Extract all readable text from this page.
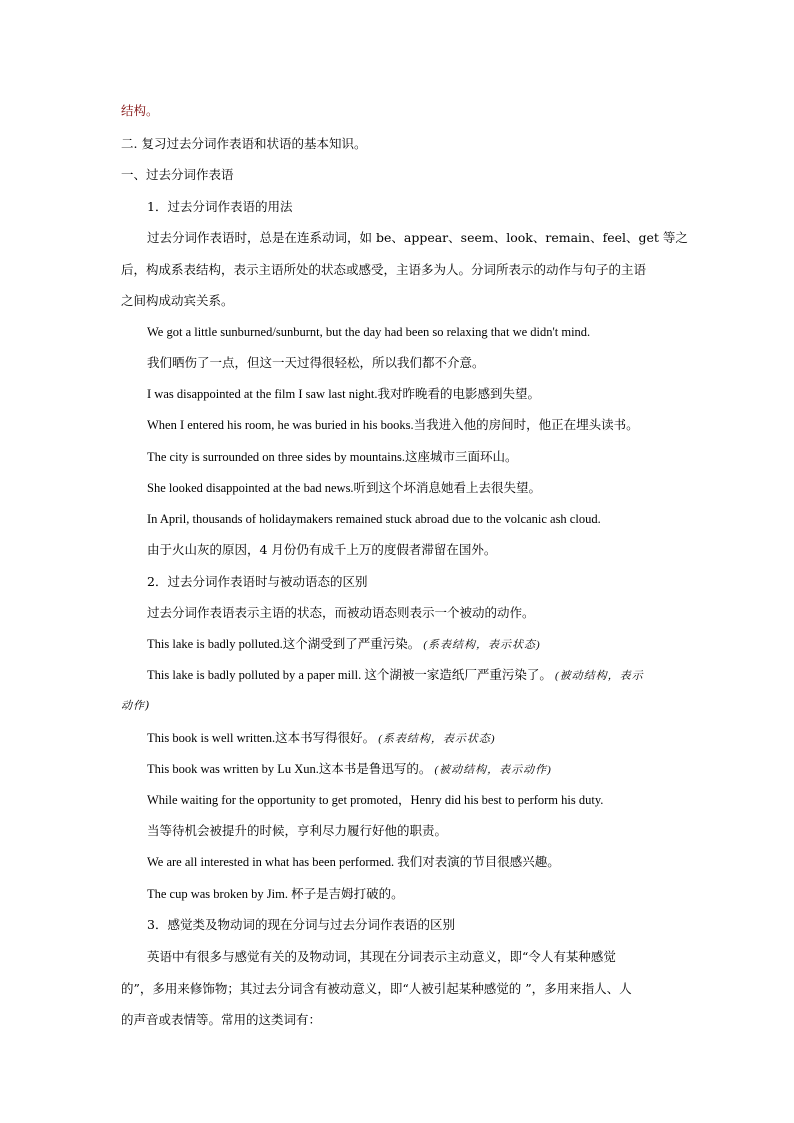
结构。
二. 复习过去分词作表语和状语的基本知识。
一、过去分词作表语
1．过去分词作表语的用法
过去分词作表语时，总是在连系动词，如 be、appear、seem、look、remain、feel、get 等之
后，构成系表结构，表示主语所处的状态或感受，主语多为人。分词所表示的动作与句子的主语
之间构成动宾关系。
We got a little sunburned/sunburnt, but the day had been so relaxing that we didn't mind.
我们晒伤了一点，但这一天过得很轻松，所以我们都不介意。
I was disappointed at the film I saw last night.我对昨晚看的电影感到失望。
When I entered his room, he was buried in his books.当我进入他的房间时，他正在埋头读书。
The city is surrounded on three sides by mountains.这座城市三面环山。
She looked disappointed at the bad news.听到这个坏消息她看上去很失望。
In April, thousands of holidaymakers remained stuck abroad due to the volcanic ash cloud.
由于火山灰的原因，4 月份仍有成千上万的度假者滞留在国外。
2．过去分词作表语时与被动语态的区别
过去分词作表语表示主语的状态，而被动语态则表示一个被动的动作。
This lake is badly polluted.这个湖受到了严重污染。 (系表结构，表示状态)
This lake is badly polluted by a paper mill. 这个湖被一家造纸厂严重污染了。 (被动结构，表示
动作)
This book is well written.这本书写得很好。 (系表结构，表示状态)
This book was written by Lu Xun.这本书是鲁迅写的。 (被动结构，表示动作)
While waiting for the opportunity to get promoted，Henry did his best to perform his duty.
当等待机会被提升的时候，亨利尽力履行好他的职责。
We are all interested in what has been performed. 我们对表演的节目很感兴趣。
The cup was broken by Jim. 杯子是吉姆打破的。
3．感觉类及物动词的现在分词与过去分词作表语的区别
英语中有很多与感觉有关的及物动词，其现在分词表示主动意义，即“令人有某种感觉
的”，多用来修饰物；其过去分词含有被动意义，即“人被引起某种感觉的 ”，多用来指人、人
的声音或表情等。常用的这类词有：
